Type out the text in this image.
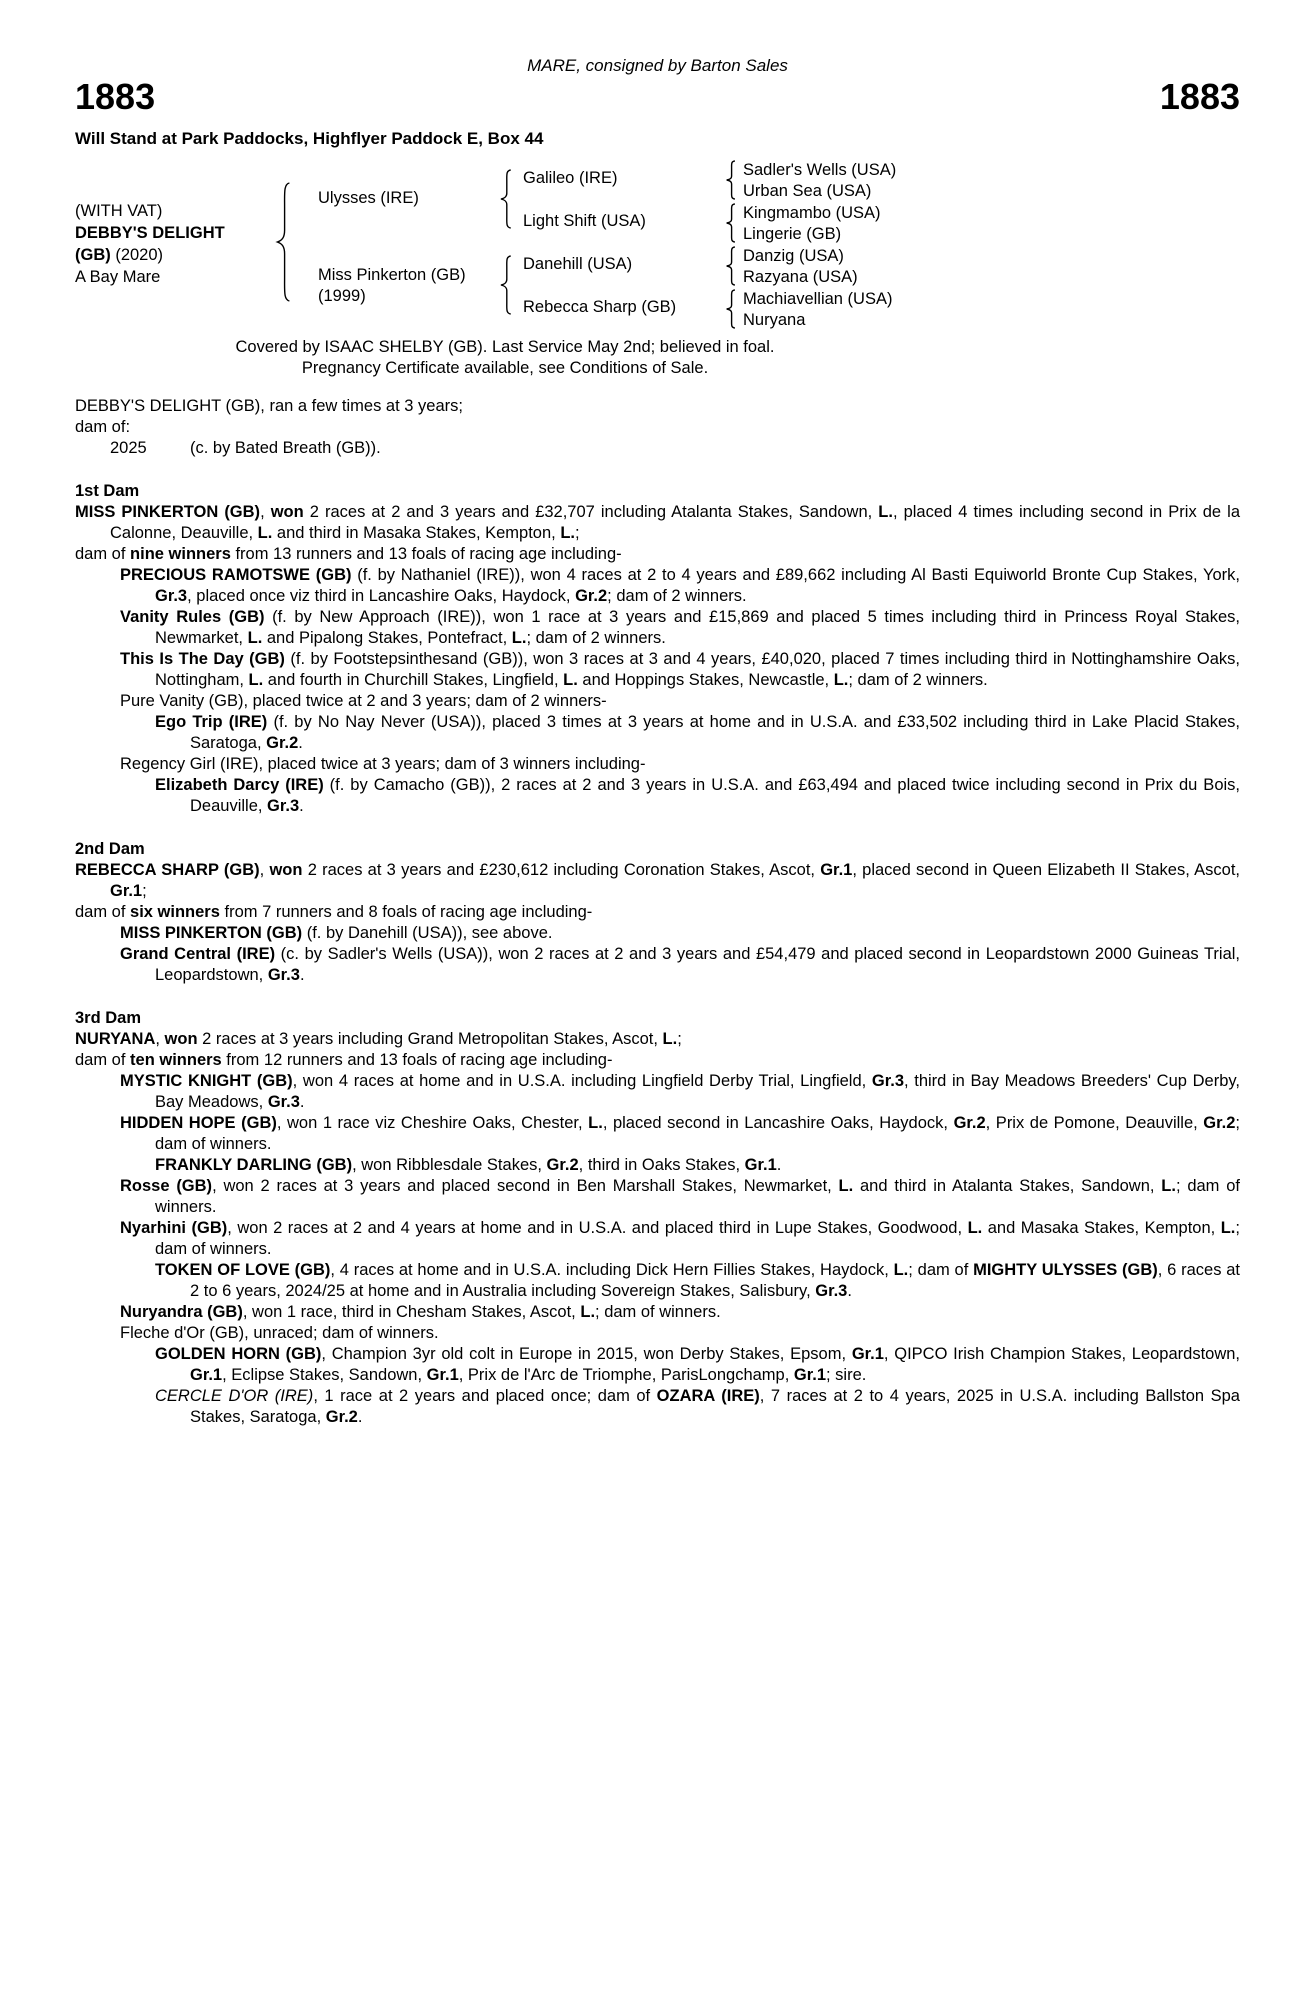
MARE, consigned by Barton Sales
1883	1883
Will Stand at Park Paddocks, Highflyer Paddock E, Box 44
(WITH VAT)
DEBBY'S DELIGHT
(GB) (2020)
A Bay Mare
Ulysses (IRE)
Miss Pinkerton (GB)
(1999)
Galileo (IRE)
Light Shift (USA)
Danehill (USA)
Rebecca Sharp (GB)
Sadler's Wells (USA)
Urban Sea (USA)
Kingmambo (USA)
Lingerie (GB)
Danzig (USA)
Razyana (USA)
Machiavellian (USA)
Nuryana
Covered by ISAAC SHELBY (GB). Last Service May 2nd; believed in foal.
Pregnancy Certificate available, see Conditions of Sale.

DEBBY'S DELIGHT (GB), ran a few times at 3 years;

dam of:

2025	(c. by Bated Breath (GB)).

1st Dam

MISS PINKERTON (GB), won 2 races at 2 and 3 years and £32,707 including Atalanta Stakes, Sandown, L., placed 4 times including second in Prix de la Calonne, Deauville, L. and third in Masaka Stakes, Kempton, L.;

dam of nine winners from 13 runners and 13 foals of racing age including-

PRECIOUS RAMOTSWE (GB) (f. by Nathaniel (IRE)), won 4 races at 2 to 4 years and £89,662 including Al Basti Equiworld Bronte Cup Stakes, York, Gr.3, placed once viz third in Lancashire Oaks, Haydock, Gr.2; dam of 2 winners.

Vanity Rules (GB) (f. by New Approach (IRE)), won 1 race at 3 years and £15,869 and placed 5 times including third in Princess Royal Stakes, Newmarket, L. and Pipalong Stakes, Pontefract, L.; dam of 2 winners.

This Is The Day (GB) (f. by Footstepsinthesand (GB)), won 3 races at 3 and 4 years, £40,020, placed 7 times including third in Nottinghamshire Oaks, Nottingham, L. and fourth in Churchill Stakes, Lingfield, L. and Hoppings Stakes, Newcastle, L.; dam of 2 winners.

Pure Vanity (GB), placed twice at 2 and 3 years; dam of 2 winners-

Ego Trip (IRE) (f. by No Nay Never (USA)), placed 3 times at 3 years at home and in U.S.A. and £33,502 including third in Lake Placid Stakes, Saratoga, Gr.2.

Regency Girl (IRE), placed twice at 3 years; dam of 3 winners including-

Elizabeth Darcy (IRE) (f. by Camacho (GB)), 2 races at 2 and 3 years in U.S.A. and £63,494 and placed twice including second in Prix du Bois, Deauville, Gr.3.

2nd Dam

REBECCA SHARP (GB), won 2 races at 3 years and £230,612 including Coronation Stakes, Ascot, Gr.1, placed second in Queen Elizabeth II Stakes, Ascot, Gr.1;

dam of six winners from 7 runners and 8 foals of racing age including-

MISS PINKERTON (GB) (f. by Danehill (USA)), see above.

Grand Central (IRE) (c. by Sadler's Wells (USA)), won 2 races at 2 and 3 years and £54,479 and placed second in Leopardstown 2000 Guineas Trial, Leopardstown, Gr.3.

3rd Dam

NURYANA, won 2 races at 3 years including Grand Metropolitan Stakes, Ascot, L.;

dam of ten winners from 12 runners and 13 foals of racing age including-

MYSTIC KNIGHT (GB), won 4 races at home and in U.S.A. including Lingfield Derby Trial, Lingfield, Gr.3, third in Bay Meadows Breeders' Cup Derby, Bay Meadows, Gr.3.

HIDDEN HOPE (GB), won 1 race viz Cheshire Oaks, Chester, L., placed second in Lancashire Oaks, Haydock, Gr.2, Prix de Pomone, Deauville, Gr.2; dam of winners.

FRANKLY DARLING (GB), won Ribblesdale Stakes, Gr.2, third in Oaks Stakes, Gr.1.

Rosse (GB), won 2 races at 3 years and placed second in Ben Marshall Stakes, Newmarket, L. and third in Atalanta Stakes, Sandown, L.; dam of winners.

Nyarhini (GB), won 2 races at 2 and 4 years at home and in U.S.A. and placed third in Lupe Stakes, Goodwood, L. and Masaka Stakes, Kempton, L.; dam of winners.

TOKEN OF LOVE (GB), 4 races at home and in U.S.A. including Dick Hern Fillies Stakes, Haydock, L.; dam of MIGHTY ULYSSES (GB), 6 races at 2 to 6 years, 2024/25 at home and in Australia including Sovereign Stakes, Salisbury, Gr.3.

Nuryandra (GB), won 1 race, third in Chesham Stakes, Ascot, L.; dam of winners.

Fleche d'Or (GB), unraced; dam of winners.

GOLDEN HORN (GB), Champion 3yr old colt in Europe in 2015, won Derby Stakes, Epsom, Gr.1, QIPCO Irish Champion Stakes, Leopardstown, Gr.1, Eclipse Stakes, Sandown, Gr.1, Prix de l'Arc de Triomphe, ParisLongchamp, Gr.1; sire.

CERCLE D'OR (IRE), 1 race at 2 years and placed once; dam of OZARA (IRE), 7 races at 2 to 4 years, 2025 in U.S.A. including Ballston Spa Stakes, Saratoga, Gr.2.
